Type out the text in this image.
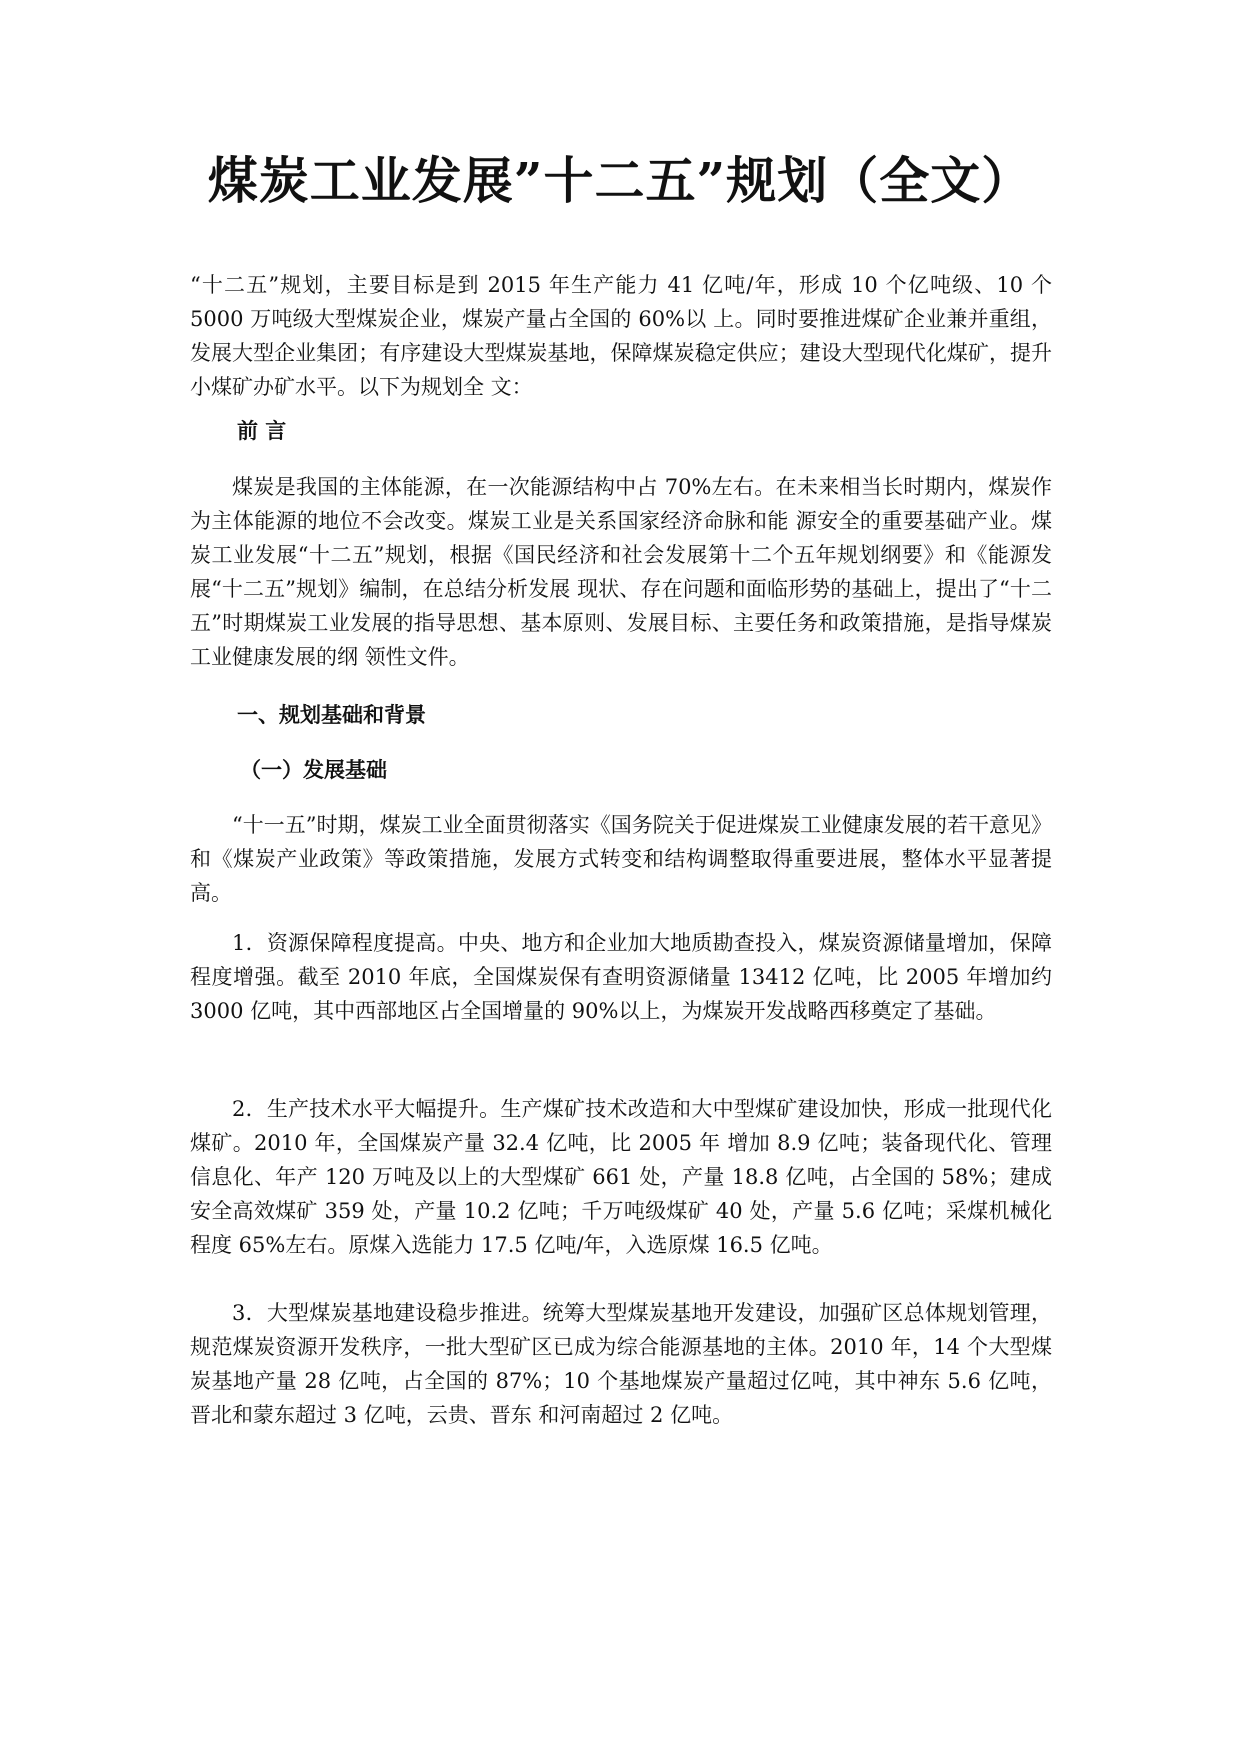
煤炭工业发展”十二五”规划（全文）

“十二五”规划，主要目标是到 2015 年生产能力 41 亿吨/年，形成 10 个亿吨级、10 个 5000 万吨级大型煤炭企业，煤炭产量占全国的 60%以 上。同时要推进煤矿企业兼并重组，发展大型企业集团；有序建设大型煤炭基地，保障煤炭稳定供应；建设大型现代化煤矿，提升小煤矿办矿水平。以下为规划全 文：

前 言

煤炭是我国的主体能源，在一次能源结构中占 70%左右。在未来相当长时期内，煤炭作为主体能源的地位不会改变。煤炭工业是关系国家经济命脉和能 源安全的重要基础产业。煤炭工业发展“十二五”规划，根据《国民经济和社会发展第十二个五年规划纲要》和《能源发展“十二五”规划》编制，在总结分析发展 现状、存在问题和面临形势的基础上，提出了“十二五”时期煤炭工业发展的指导思想、基本原则、发展目标、主要任务和政策措施，是指导煤炭工业健康发展的纲 领性文件。

一、规划基础和背景
（一）发展基础

“十一五”时期，煤炭工业全面贯彻落实《国务院关于促进煤炭工业健康发展的若干意见》和《煤炭产业政策》等政策措施，发展方式转变和结构调整取得重要进展，整体水平显著提高。

1．资源保障程度提高。中央、地方和企业加大地质勘查投入，煤炭资源储量增加，保障程度增强。截至 2010 年底，全国煤炭保有查明资源储量 13412 亿吨，比 2005 年增加约 3000 亿吨，其中西部地区占全国增量的 90%以上，为煤炭开发战略西移奠定了基础。

2．生产技术水平大幅提升。生产煤矿技术改造和大中型煤矿建设加快，形成一批现代化煤矿。2010 年，全国煤炭产量 32.4 亿吨，比 2005 年 增加 8.9 亿吨；装备现代化、管理信息化、年产 120 万吨及以上的大型煤矿 661 处，产量 18.8 亿吨，占全国的 58%；建成安全高效煤矿 359 处，产量 10.2 亿吨；千万吨级煤矿 40 处，产量 5.6 亿吨；采煤机械化程度 65%左右。原煤入选能力 17.5 亿吨/年，入选原煤 16.5 亿吨。

3．大型煤炭基地建设稳步推进。统筹大型煤炭基地开发建设，加强矿区总体规划管理，规范煤炭资源开发秩序，一批大型矿区已成为综合能源基地的主体。2010 年，14 个大型煤炭基地产量 28 亿吨，占全国的 87%；10 个基地煤炭产量超过亿吨，其中神东 5.6 亿吨，晋北和蒙东超过 3 亿吨，云贵、晋东 和河南超过 2 亿吨。
